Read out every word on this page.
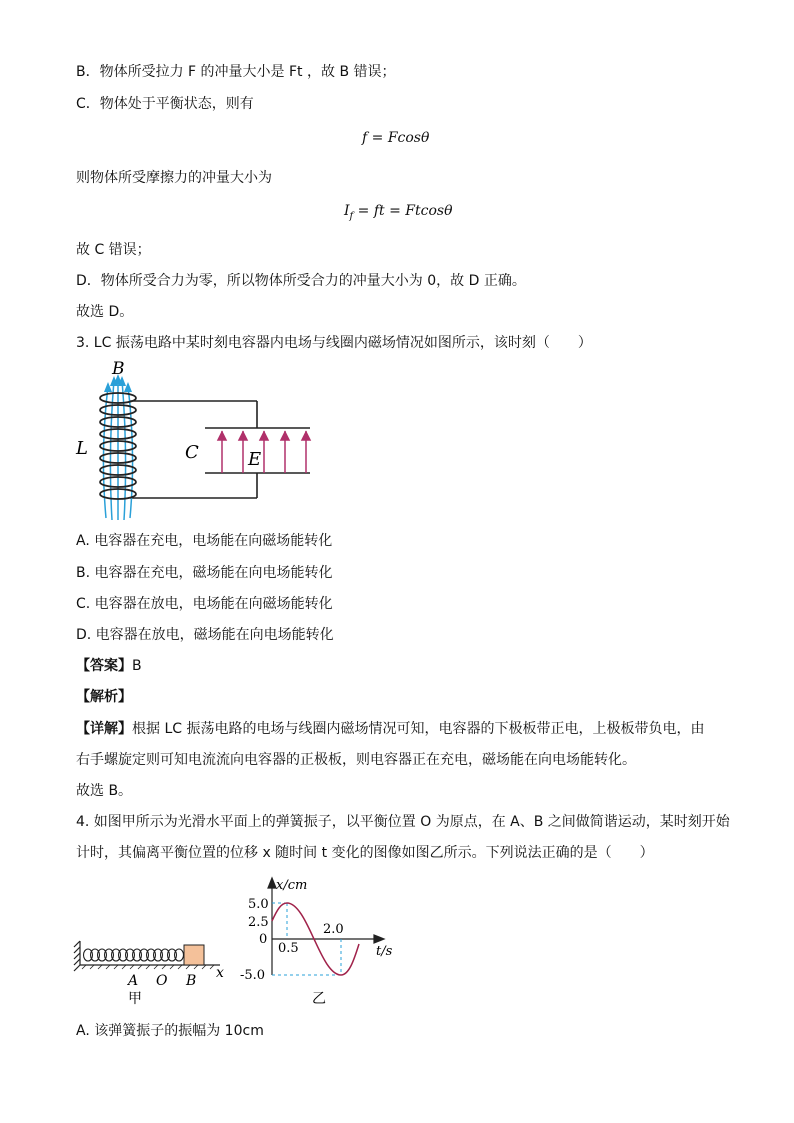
B．物体所受拉力 F 的冲量大小是 Ft ，故 B 错误；
C．物体处于平衡状态，则有
f = Fcosθ
则物体所受摩擦力的冲量大小为
$I_f$ = ft = Ftcosθ
故 C 错误；
D．物体所受合力为零，所以物体所受合力的冲量大小为 0，故 D 正确。
故选 D。
3. LC 振荡电路中某时刻电容器内电场与线圈内磁场情况如图所示，该时刻（　　）
B
L	C	E
A. 电容器在充电，电场能在向磁场能转化
B. 电容器在充电，磁场能在向电场能转化
C. 电容器在放电，电场能在向磁场能转化
D. 电容器在放电，磁场能在向电场能转化
【答案】B
【解析】
【详解】根据 LC 振荡电路的电场与线圈内磁场情况可知，电容器的下极板带正电，上极板带负电，由
右手螺旋定则可知电流流向电容器的正极板，则电容器正在充电，磁场能在向电场能转化。
故选 B。
4. 如图甲所示为光滑水平面上的弹簧振子，以平衡位置 O 为原点，在 A、B 之间做简谐运动，某时刻开始
计时，其偏离平衡位置的位移 x 随时间 t 变化的图像如图乙所示。下列说法正确的是（　　）
A O B x
甲
x/cm
t/s
5.0
2.5
0
-5.0
0.5
2.0
乙
A. 该弹簧振子的振幅为 10cm
